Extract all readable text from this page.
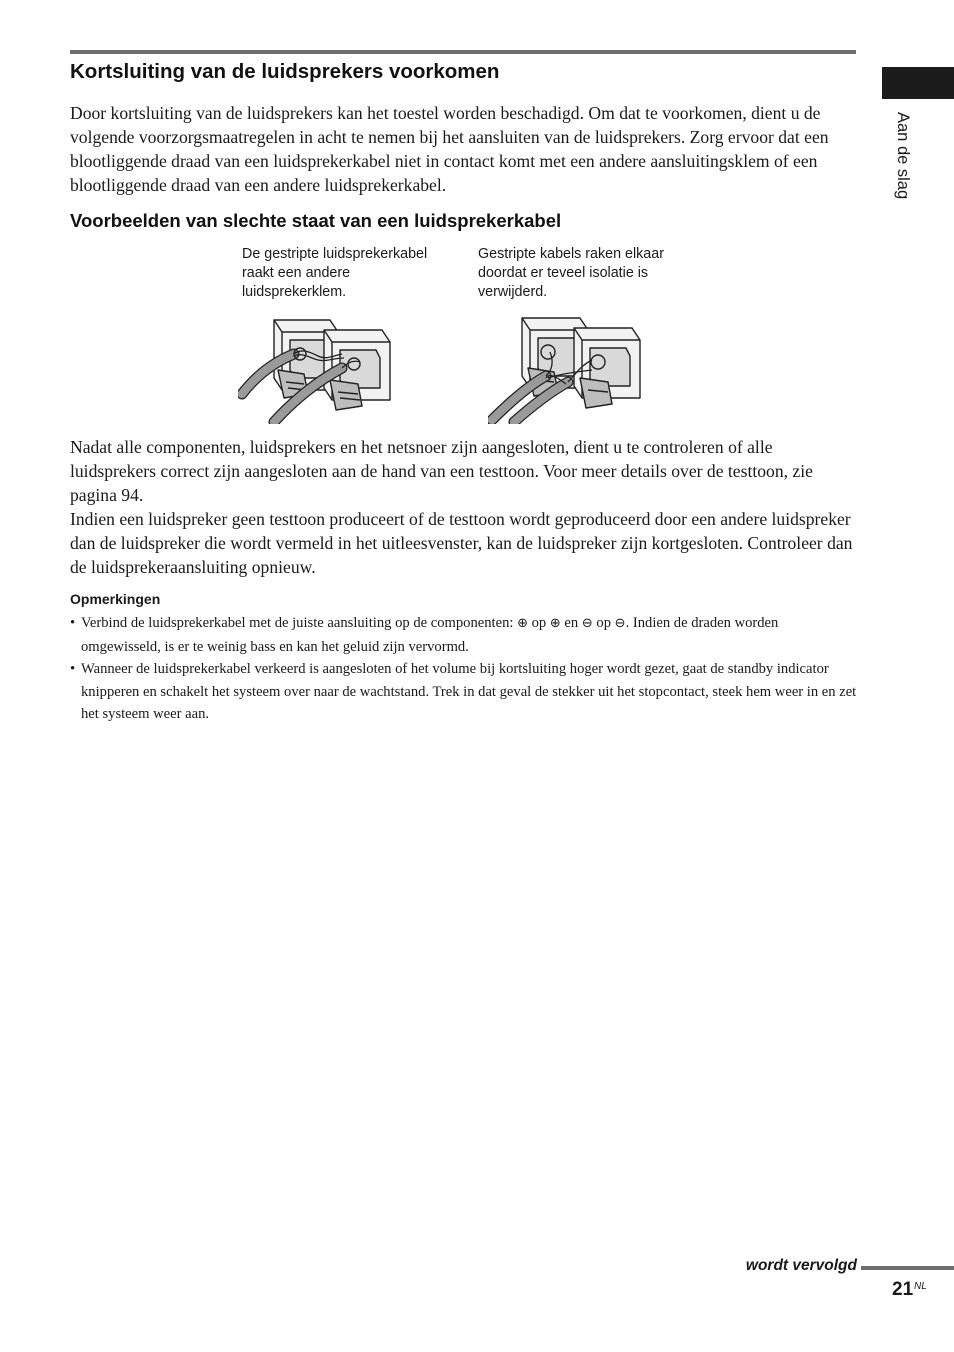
Kortsluiting van de luidsprekers voorkomen

Door kortsluiting van de luidsprekers kan het toestel worden beschadigd. Om dat te voorkomen, dient u de volgende voorzorgsmaatregelen in acht te nemen bij het aansluiten van de luidsprekers. Zorg ervoor dat een blootliggende draad van een luidsprekerkabel niet in contact komt met een andere aansluitingsklem of een blootliggende draad van een andere luidsprekerkabel.

Voorbeelden van slechte staat van een luidsprekerkabel

De gestripte luidsprekerkabel raakt een andere luidsprekerklem.

Gestripte kabels raken elkaar doordat er teveel isolatie is verwijderd.

Nadat alle componenten, luidsprekers en het netsnoer zijn aangesloten, dient u te controleren of alle luidsprekers correct zijn aangesloten aan de hand van een testtoon. Voor meer details over de testtoon, zie pagina 94.

Indien een luidspreker geen testtoon produceert of de testtoon wordt geproduceerd door een andere luidspreker dan de luidspreker die wordt vermeld in het uitleesvenster, kan de luidspreker zijn kortgesloten. Controleer dan de luidsprekeraansluiting opnieuw.

Opmerkingen

• Verbind de luidsprekerkabel met de juiste aansluiting op de componenten: ⊕ op ⊕ en ⊖ op ⊖. Indien de draden worden omgewisseld, is er te weinig bass en kan het geluid zijn vervormd.
• Wanneer de luidsprekerkabel verkeerd is aangesloten of het volume bij kortsluiting hoger wordt gezet, gaat de standby indicator knipperen en schakelt het systeem over naar de wachtstand. Trek in dat geval de stekker uit het stopcontact, steek hem weer in en zet het systeem weer aan.

Aan de slag

wordt vervolgd

21 NL
